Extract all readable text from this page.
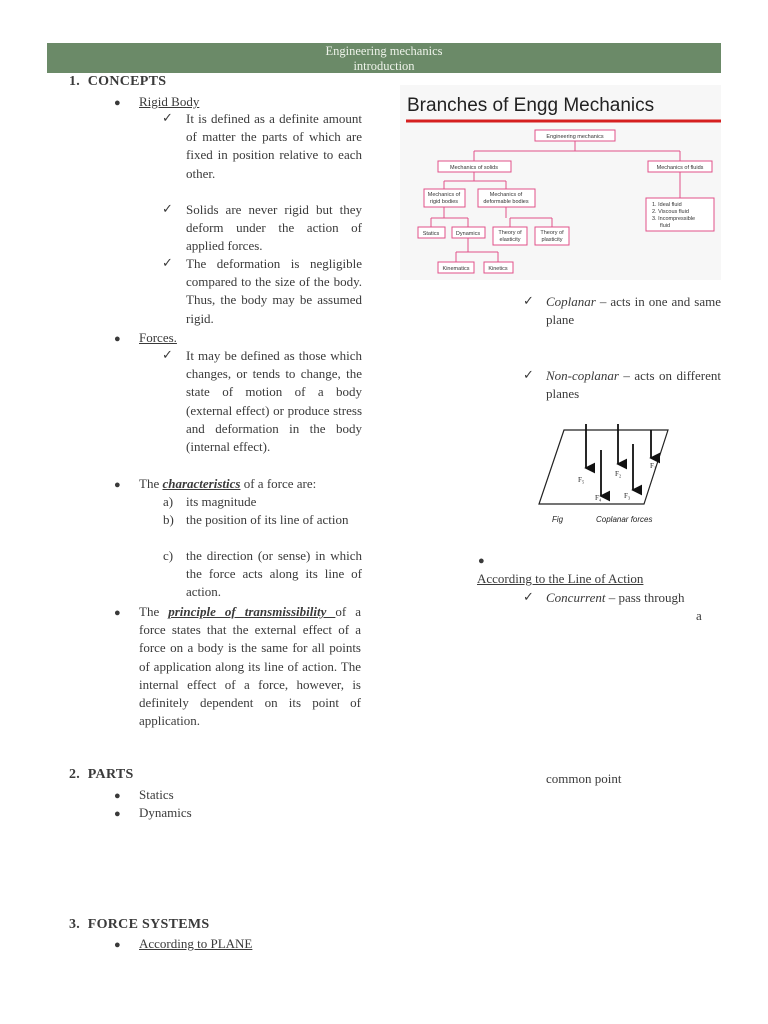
Engineering mechanics
introduction
1. CONCEPTS
● Rigid Body
✓ It is defined as a definite amount of matter the parts of which are fixed in position relative to each other.
✓ Solids are never rigid but they deform under the action of applied forces.
✓ The deformation is negligible compared to the size of the body. Thus, the body may be assumed rigid.
● Forces.
✓ It may be defined as those which changes, or tends to change, the state of motion of a body (external effect) or produce stress and deformation in the body (internal effect).
● The characteristics of a force are:
a) its magnitude
b) the position of its line of action
c) the direction (or sense) in which the force acts along its line of action.
● The principle of transmissibility of a force states that the external effect of a force on a body is the same for all points of application along its line of action. The internal effect of a force, however, is definitely dependent on its point of application.
2. PARTS
● Statics
● Dynamics
3. FORCE SYSTEMS
● According to PLANE
Branches of Engg Mechanics
Engineering mechanics
Mechanics of solids	Mechanics of fluids
Mechanics of
rigid bodies
Mechanics of
deformable bodies
Statics	Dynamics	Theory of
elasticity
Theory of
plasticity
Kinematics	Kinetics
1. Ideal fluid
2. Viscous fluid
3. Incompressible
fluid
✓ Coplanar – acts in one and same plane
✓ Non-coplanar – acts on different planes
F₁
F₂
F₃
F₄
F₅
Fig	Coplanar forces
●
According to the Line of Action
✓ Concurrent – pass through
a
common point
